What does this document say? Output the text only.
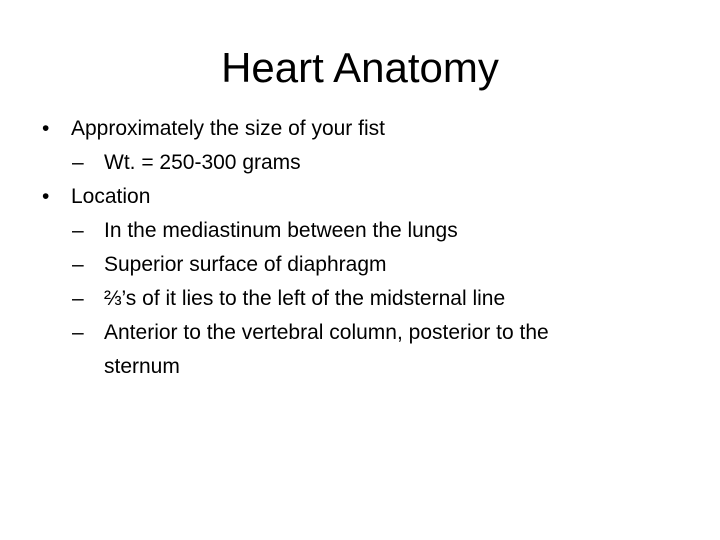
Heart Anatomy
• Approximately the size of your fist
– Wt. = 250-300 grams
• Location
– In the mediastinum between the lungs
– Superior surface of diaphragm
– ⅔’s of it lies to the left of the midsternal line
– Anterior to the vertebral column, posterior to the sternum
